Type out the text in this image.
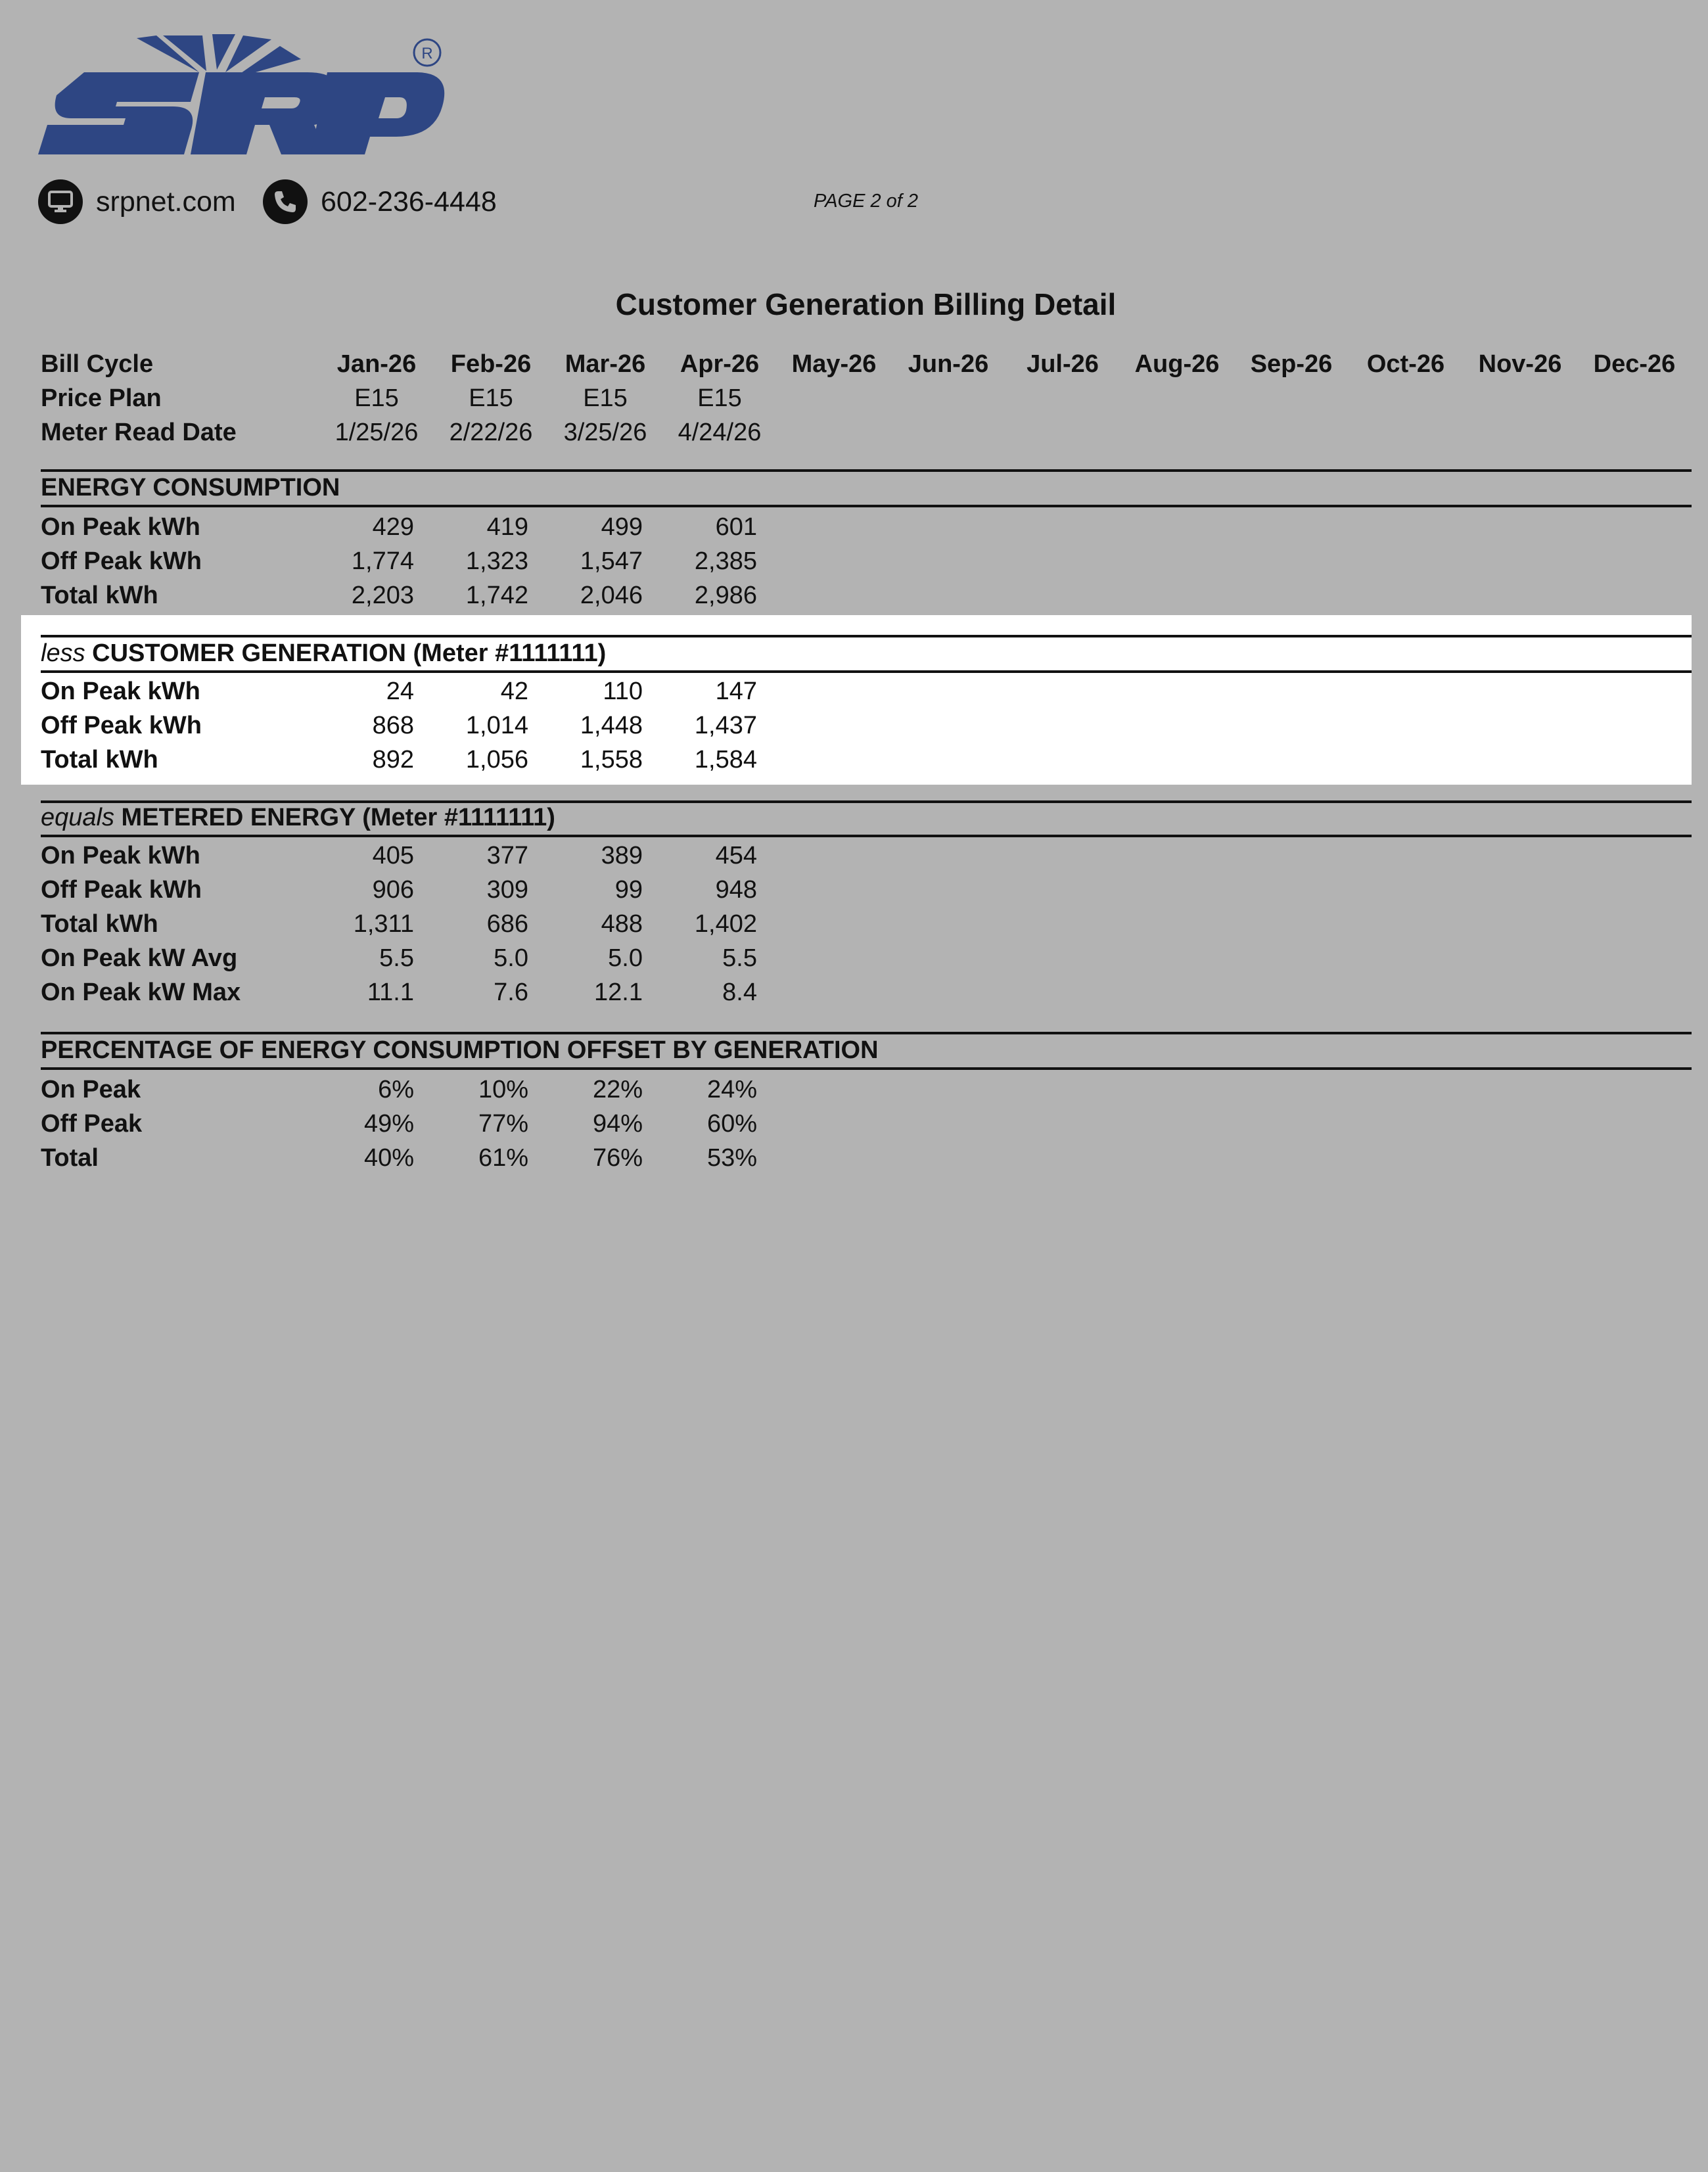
R
srpnet.com	602-236-4448	PAGE 2 of 2
Customer Generation Billing Detail
Bill Cycle	Jan-26	Feb-26	Mar-26	Apr-26	May-26	Jun-26	Jul-26	Aug-26	Sep-26	Oct-26	Nov-26	Dec-26
Price Plan	E15	E15	E15	E15
Meter Read Date	1/25/26	2/22/26	3/25/26	4/24/26
ENERGY CONSUMPTION
On Peak kWh	429	419	499	601
Off Peak kWh	1,774	1,323	1,547	2,385
Total kWh	2,203	1,742	2,046	2,986
less CUSTOMER GENERATION (Meter #1111111)
On Peak kWh	24	42	110	147
Off Peak kWh	868	1,014	1,448	1,437
Total kWh	892	1,056	1,558	1,584
equals METERED ENERGY (Meter #1111111)
On Peak kWh	405	377	389	454
Off Peak kWh	906	309	99	948
Total kWh	1,311	686	488	1,402
On Peak kW Avg	5.5	5.0	5.0	5.5
On Peak kW Max	11.1	7.6	12.1	8.4
PERCENTAGE OF ENERGY CONSUMPTION OFFSET BY GENERATION
On Peak	6%	10%	22%	24%
Off Peak	49%	77%	94%	60%
Total	40%	61%	76%	53%
